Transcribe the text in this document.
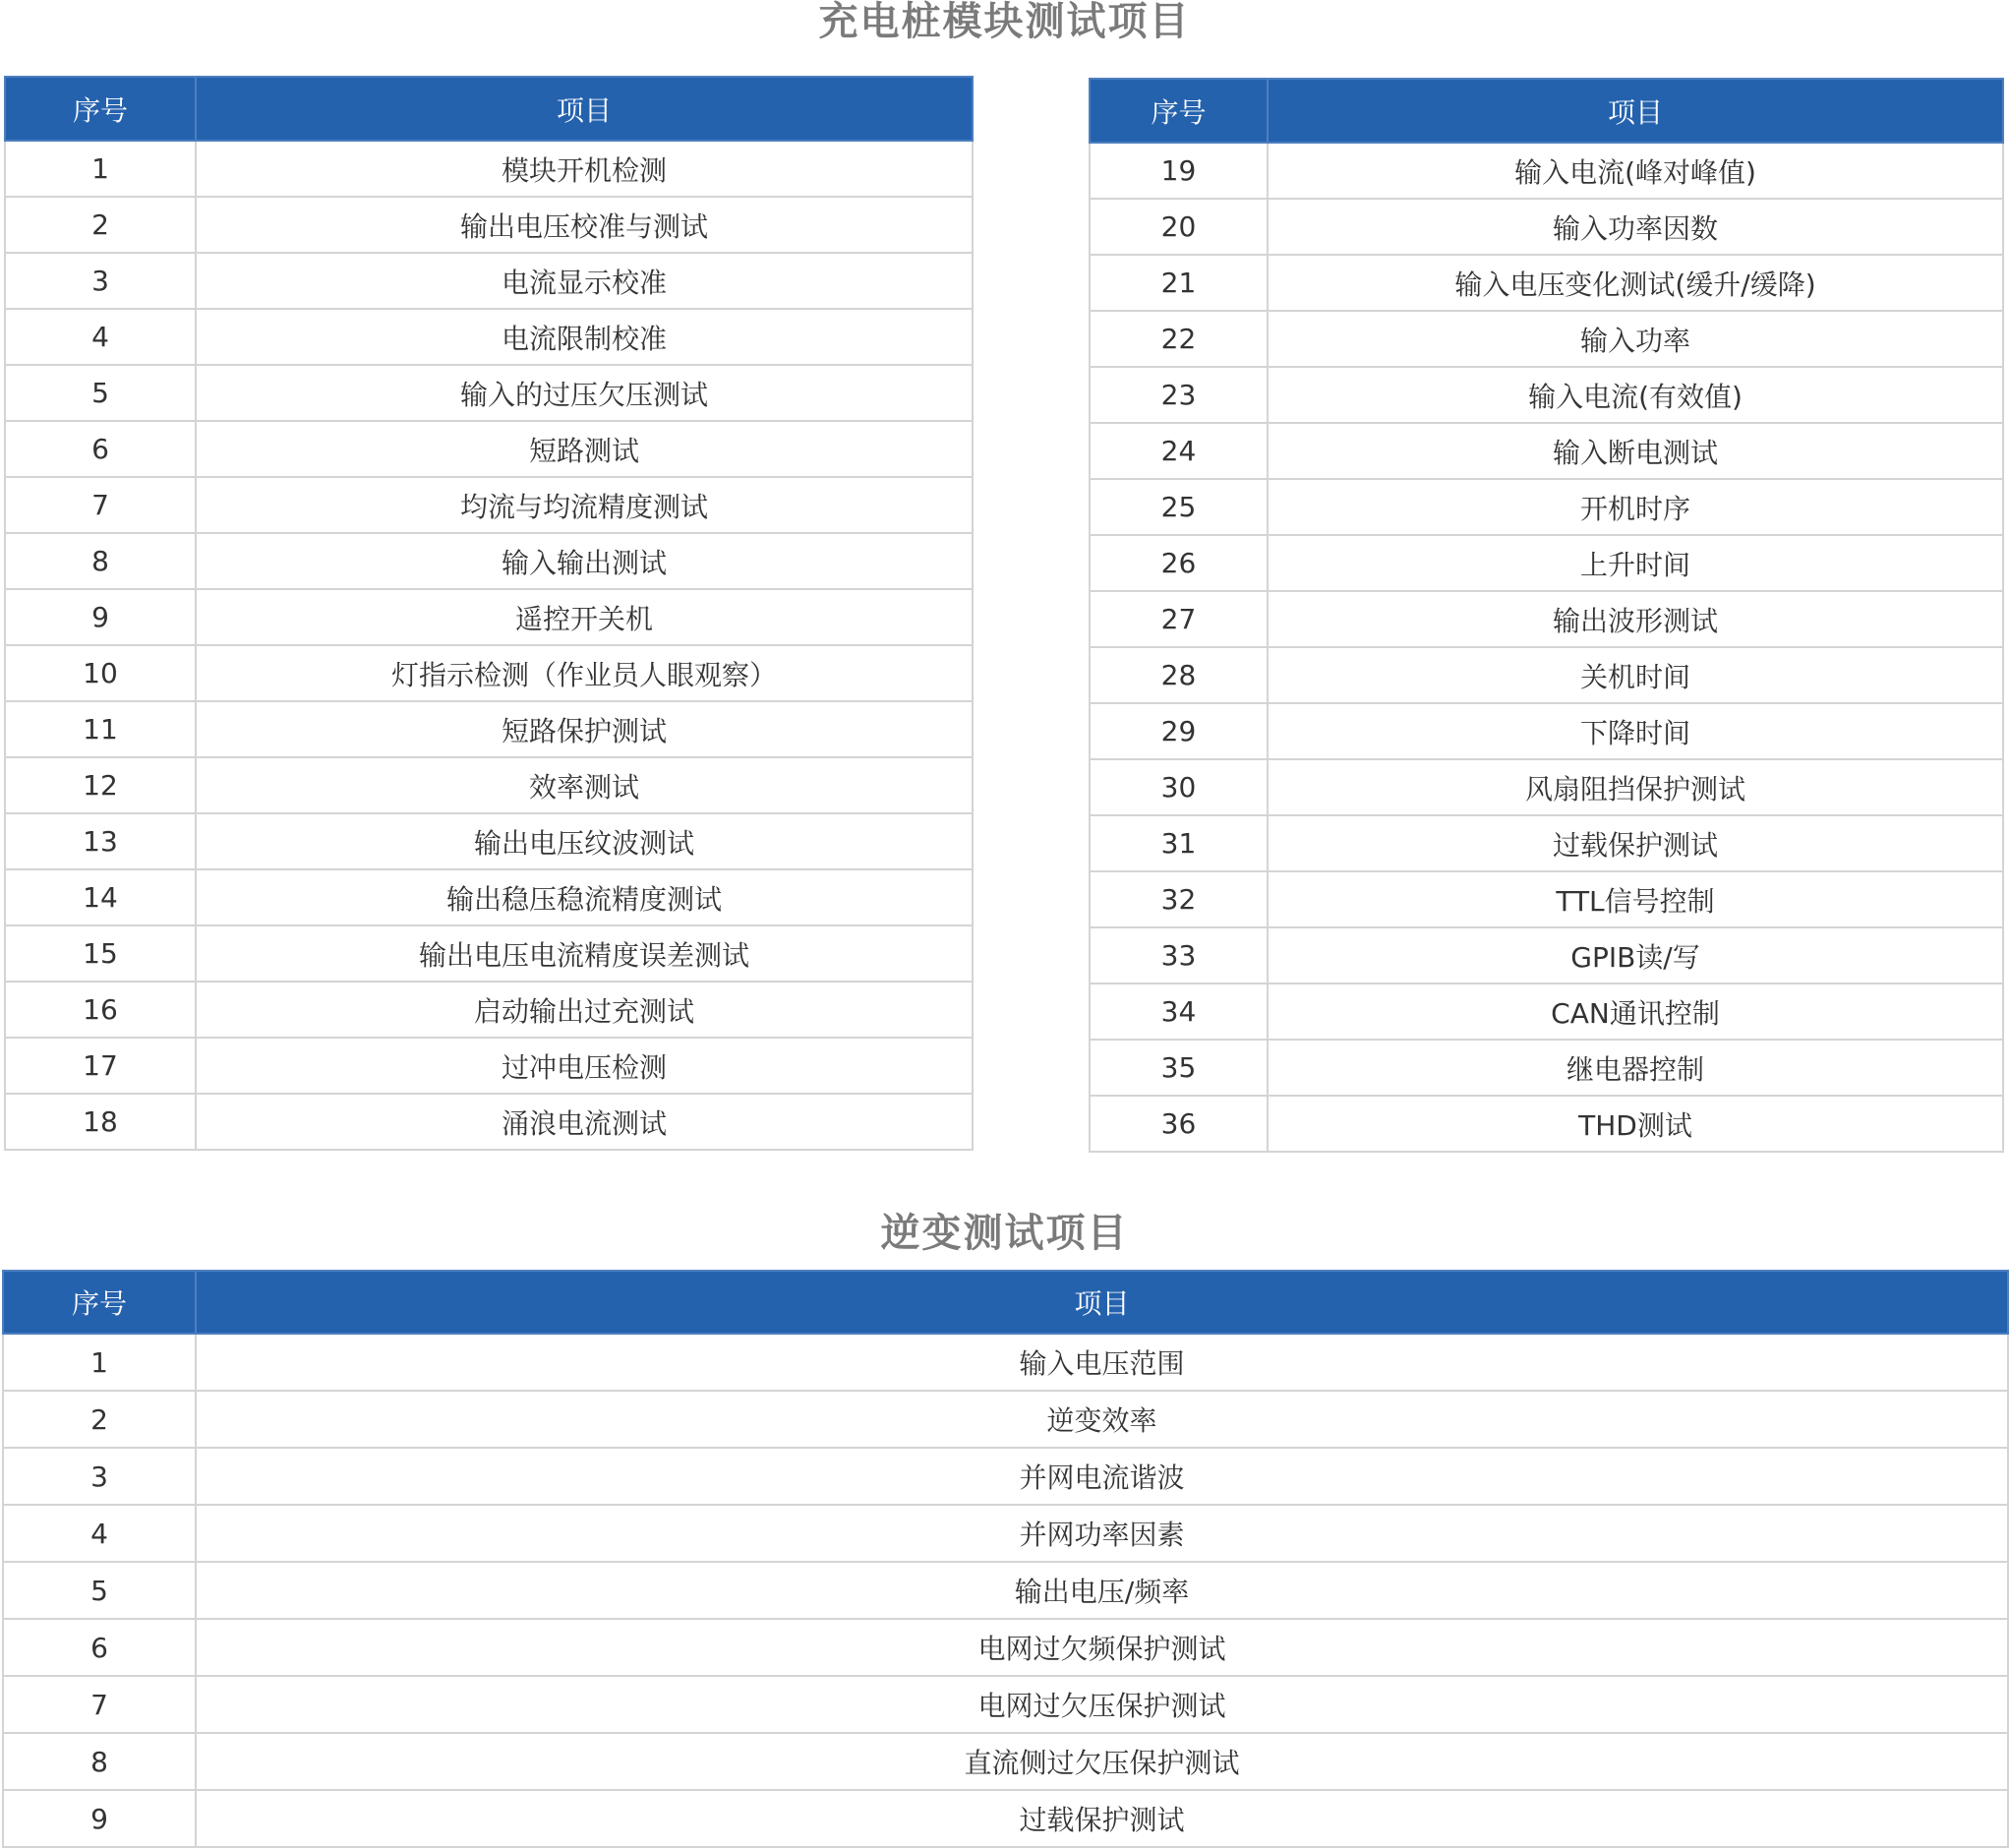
充电桩模块测试项目
序号	项目
1	模块开机检测
2	输出电压校准与测试
3	电流显示校准
4	电流限制校准
5	输入的过压欠压测试
6	短路测试
7	均流与均流精度测试
8	输入输出测试
9	遥控开关机
10	灯指示检测（作业员人眼观察）
11	短路保护测试
12	效率测试
13	输出电压纹波测试
14	输出稳压稳流精度测试
15	输出电压电流精度误差测试
16	启动输出过充测试
17	过冲电压检测
18	涌浪电流测试
序号	项目
19	输入电流(峰对峰值)
20	输入功率因数
21	输入电压变化测试(缓升/缓降)
22	输入功率
23	输入电流(有效值)
24	输入断电测试
25	开机时序
26	上升时间
27	输出波形测试
28	关机时间
29	下降时间
30	风扇阻挡保护测试
31	过载保护测试
32	TTL信号控制
33	GPIB读/写
34	CAN通讯控制
35	继电器控制
36	THD测试
逆变测试项目
序号	项目
1	输入电压范围
2	逆变效率
3	并网电流谐波
4	并网功率因素
5	输出电压/频率
6	电网过欠频保护测试
7	电网过欠压保护测试
8	直流侧过欠压保护测试
9	过载保护测试
